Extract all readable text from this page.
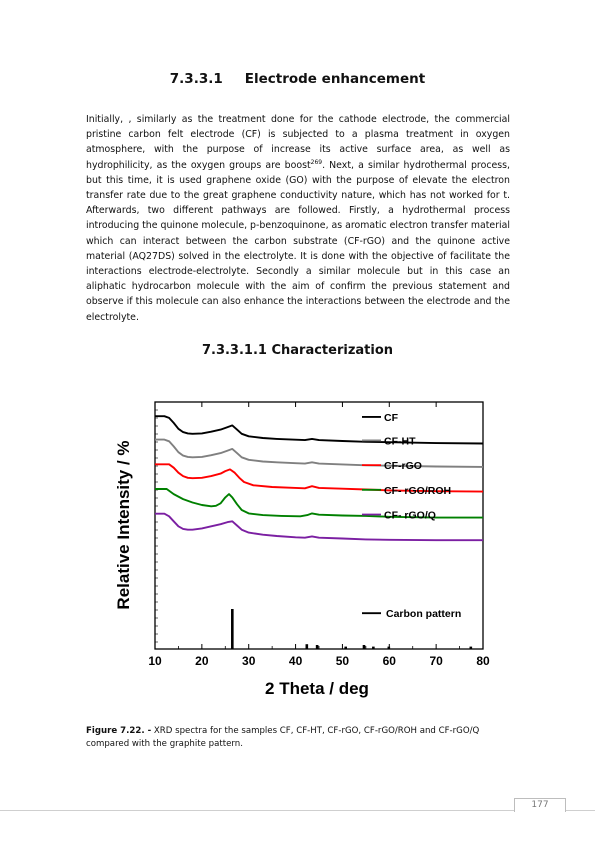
7.3.3.1 Electrode enhancement

Initially, , similarly as the treatment done for the cathode electrode, the commercial pristine carbon felt electrode (CF) is subjected to a plasma treatment in oxygen atmosphere, with the purpose of increase its active surface area, as well as hydrophilicity, as the oxygen groups are boost$^{269}$. Next, a similar hydrothermal process, but this time, it is used graphene oxide (GO) with the purpose of elevate the electron transfer rate due to the great graphene conductivity nature, which has not worked for t. Afterwards, two different pathways are followed. Firstly, a hydrothermal process introducing the quinone molecule, p-benzoquinone, as aromatic electron transfer material which can interact between the carbon substrate (CF-rGO) and the quinone active material (AQ27DS) solved in the electrolyte. It is done with the objective of facilitate the interactions electrode-electrolyte. Secondly a similar molecule but in this case an aliphatic hydrocarbon molecule with the aim of confirm the previous statement and observe if this molecule can also enhance the interactions between the electrode and the electrolyte.

7.3.3.1.1 Characterization
10	20	30	40	50	60	70	80
CF
CF-HT
CF-rGO
CF- rGO/ROH
CF- rGO/Q
Carbon pattern
2 Theta / deg
Relative Intensity / %

Figure 7.22. - XRD spectra for the samples CF, CF-HT, CF-rGO, CF-rGO/ROH and CF-rGO/Q compared with the graphite pattern.

177
